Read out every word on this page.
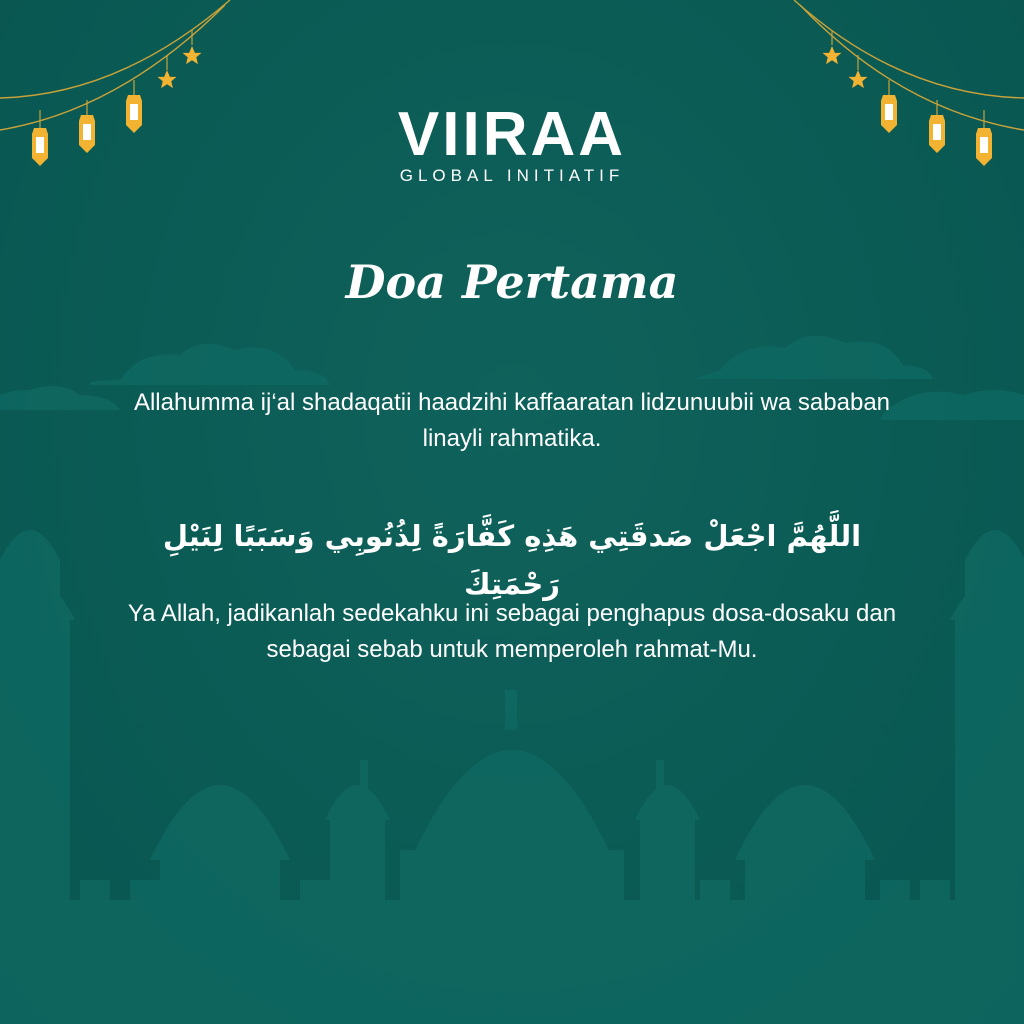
VIIRAA
GLOBAL INITIATIF
Doa Pertama
Allahumma ij‘al shadaqatii haadzihi kaffaaratan lidzunuubii wa sababan linayli rahmatika.
اللَّهُمَّ اجْعَلْ صَدقَتِي هَذِهِ كَفَّارَةً لِذُنُوبِي وَسَبَبًا لِنَيْلِ رَحْمَتِكَ
Ya Allah, jadikanlah sedekahku ini sebagai penghapus dosa-dosaku dan sebagai sebab untuk memperoleh rahmat-Mu.
